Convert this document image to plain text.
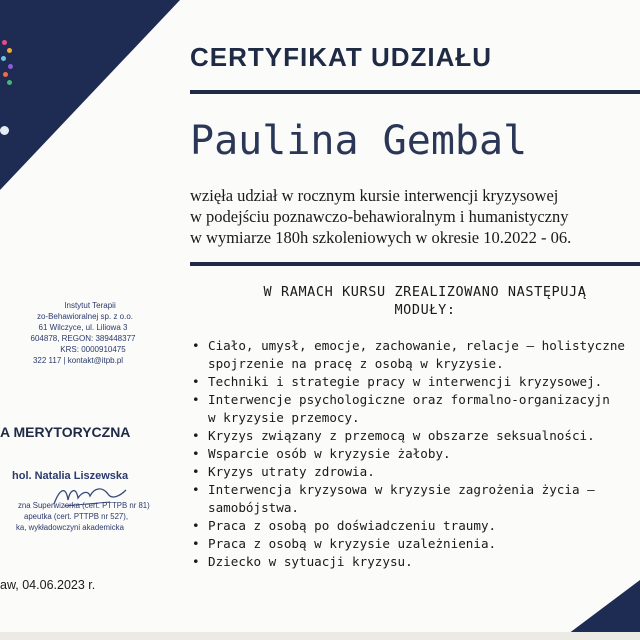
CERTYFIKAT UDZIAŁU
Paulina Gembal
wzięła udział w rocznym kursie interwencji kryzysowej
w podejściu poznawczo-behawioralnym i humanistyczny
w wymiarze 180h szkoleniowych w okresie 10.2022 - 06.
W RAMACH KURSU ZREALIZOWANO NASTĘPUJĄ
MODUŁY:
• Ciało, umysł, emocje, zachowanie, relacje – holistyczne
spojrzenie na pracę z osobą w kryzysie.
• Techniki i strategie pracy w interwencji kryzysowej.
• Interwencje psychologiczne oraz formalno-organizacyjn
w kryzysie przemocy.
• Kryzys związany z przemocą w obszarze seksualności.
• Wsparcie osób w kryzysie żałoby.
• Kryzys utraty zdrowia.
• Interwencja kryzysowa w kryzysie zagrożenia życia –
samobójstwa.
• Praca z osobą po doświadczeniu traumy.
• Praca z osobą w kryzysie uzależnienia.
• Dziecko w sytuacji kryzysu.
Instytut Terapii
zo-Behawioralnej sp. z o.o.
61 Wilczyce, ul. Liliowa 3
604878, REGON: 389448377
KRS: 0000910475
322 117 | kontakt@itpb.pl
A MERYTORYCZNA
hol. Natalia Liszewska
zna Superwizorka (cert. PTTPB nr 81)
apeutka (cert. PTTPB nr 527),
ka, wykładowczyni akademicka
aw, 04.06.2023 r.
